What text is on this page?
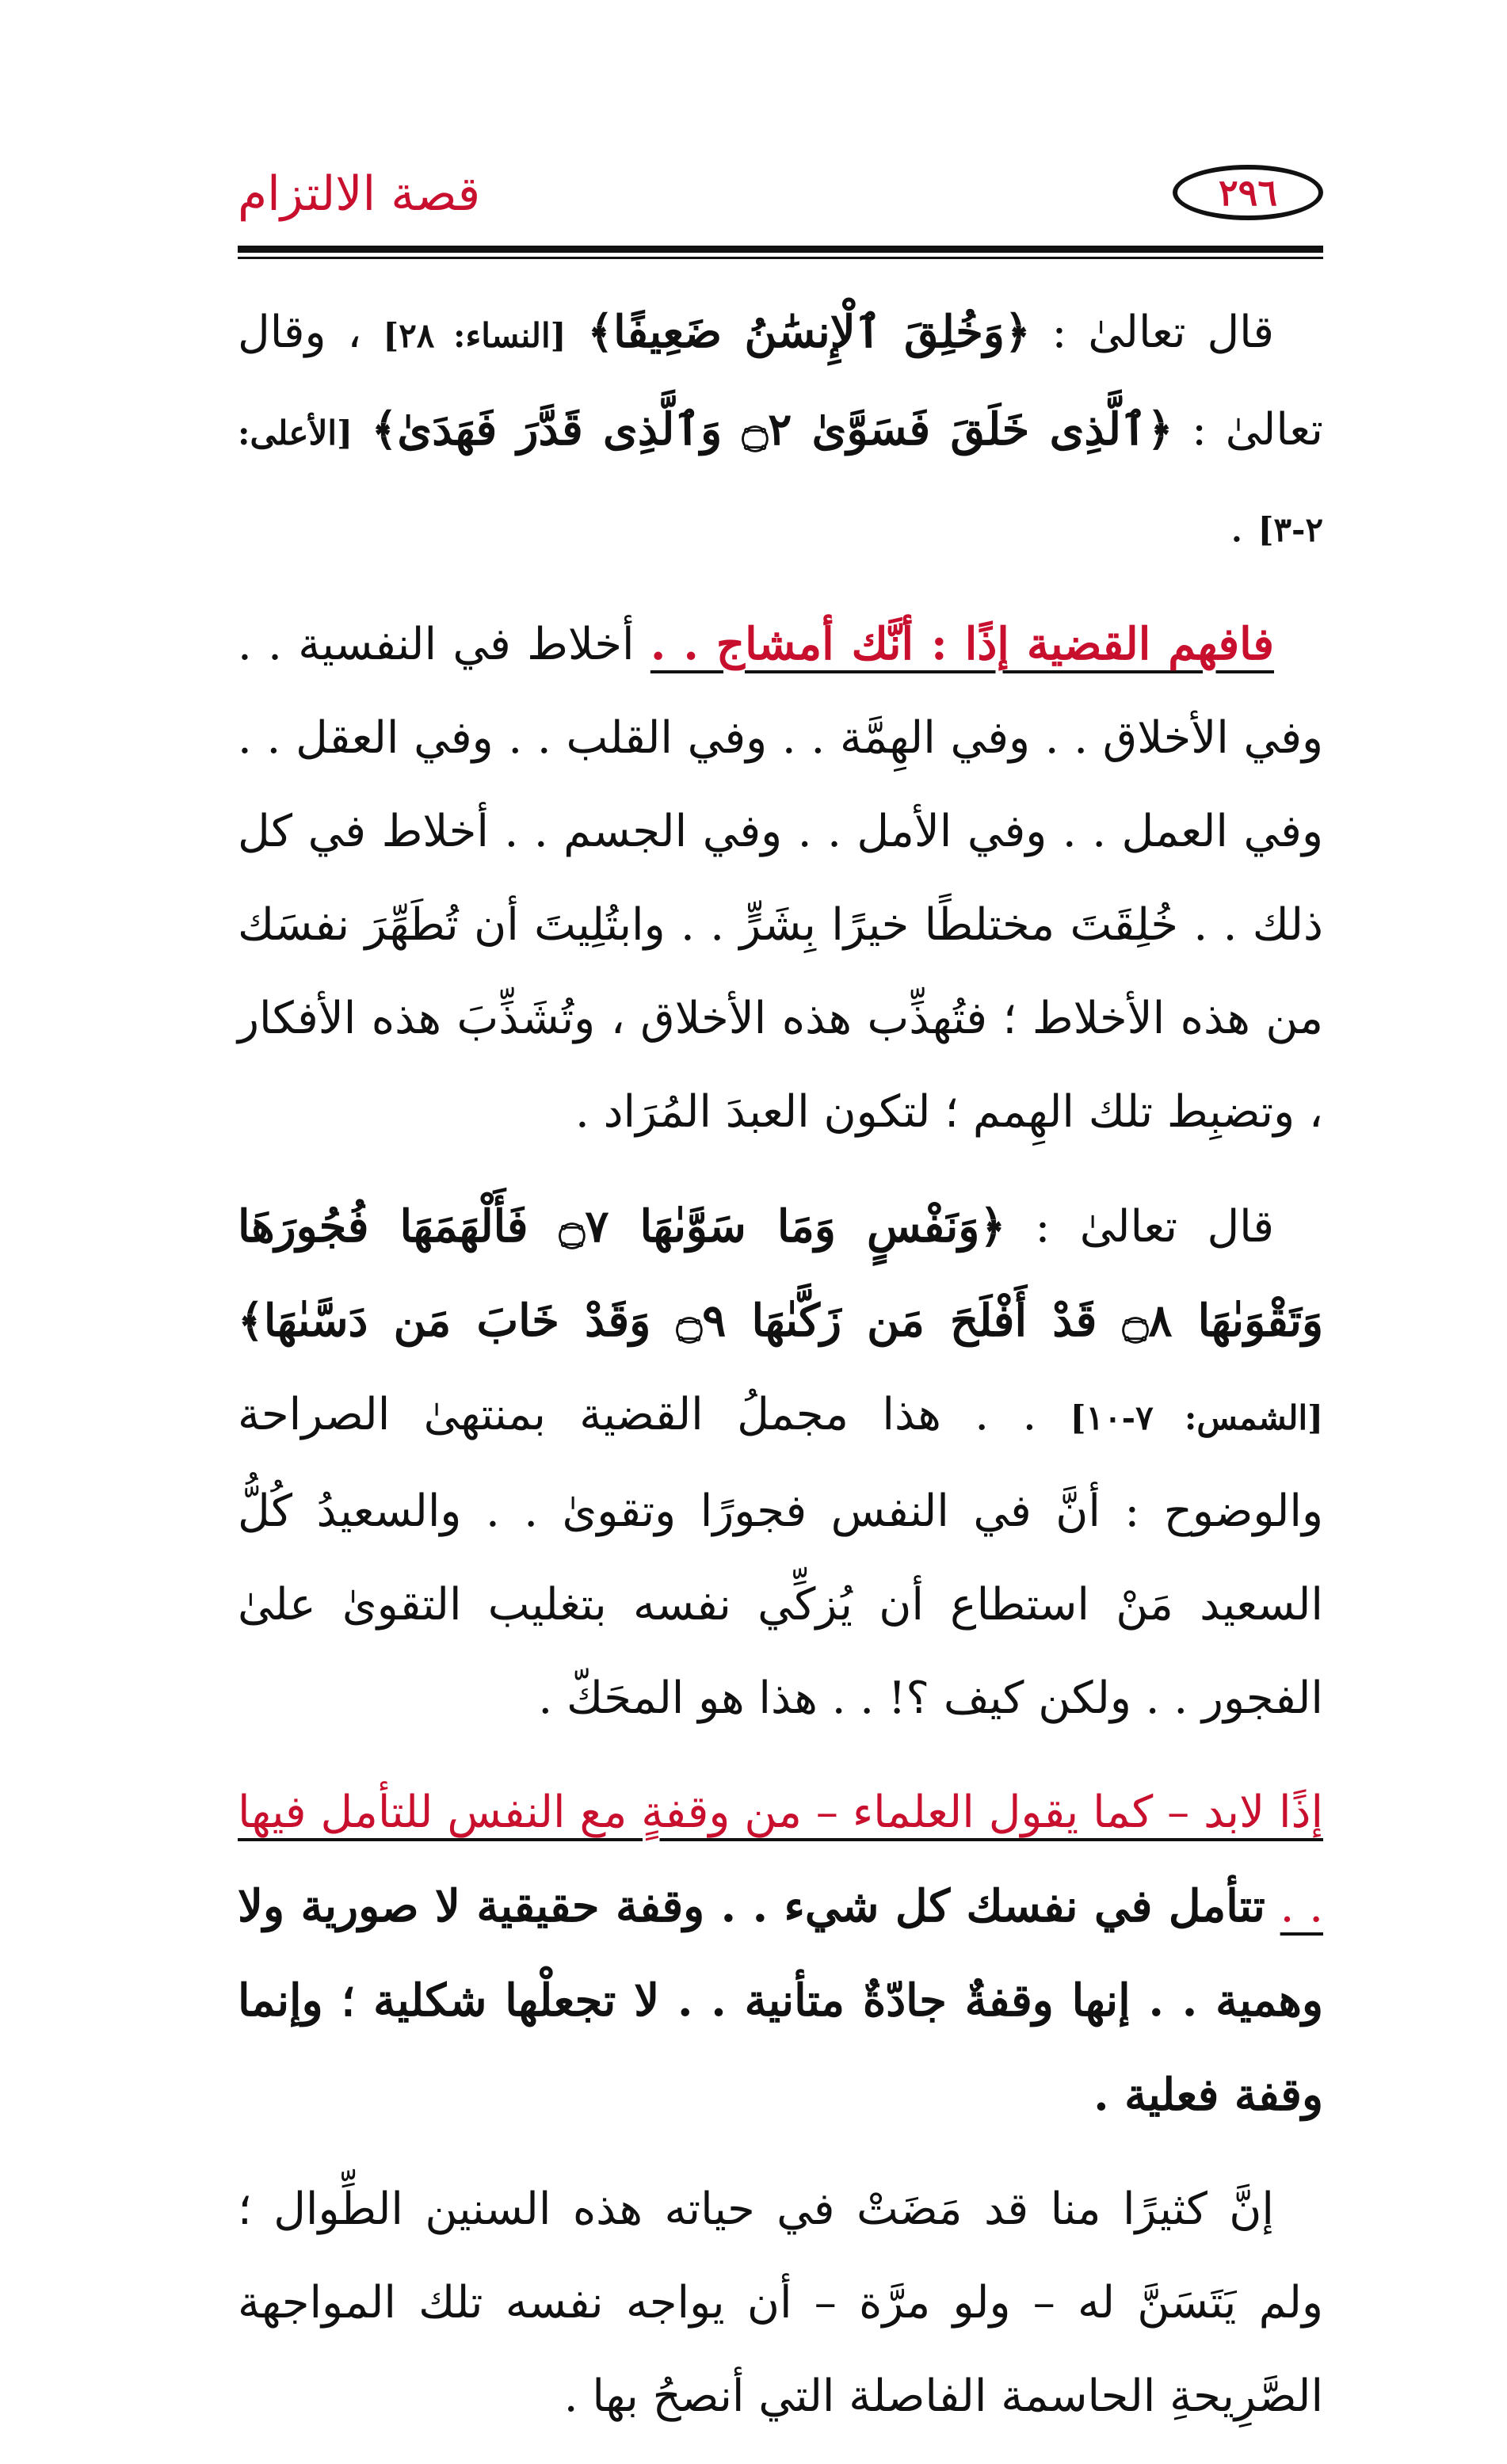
قصة الالتزام	٢٩٦

قال تعالىٰ : ﴿وَخُلِقَ ٱلْإِنسَٰنُ ضَعِيفًا﴾ [النساء: ٢٨] ، وقال تعالىٰ : ﴿ٱلَّذِى خَلَقَ فَسَوَّىٰ ۝٢ وَٱلَّذِى قَدَّرَ فَهَدَىٰ﴾ [الأعلى: ٢-٣] .

فافهم القضية إذًا : أنَّك أمشاج . . أخلاط في النفسية . . وفي الأخلاق . . وفي الهِمَّة . . وفي القلب . . وفي العقل . . وفي العمل . . وفي الأمل . . وفي الجسم . . أخلاط في كل ذلك . . خُلِقَتَ مختلطًا خيرًا بِشَرٍّ . . وابتُلِيتَ أن تُطَهِّرَ نفسَك من هذه الأخلاط ؛ فتُهذِّب هذه الأخلاق ، وتُشَذِّبَ هذه الأفكار ، وتضبِط تلك الهِمم ؛ لتكون العبدَ المُرَاد .

قال تعالىٰ : ﴿وَنَفْسٍ وَمَا سَوَّىٰهَا ۝٧ فَأَلْهَمَهَا فُجُورَهَا وَتَقْوَىٰهَا ۝٨ قَدْ أَفْلَحَ مَن زَكَّىٰهَا ۝٩ وَقَدْ خَابَ مَن دَسَّىٰهَا﴾ [الشمس: ٧-١٠] . . هذا مجملُ القضية بمنتهىٰ الصراحة والوضوح : أنَّ في النفس فجورًا وتقوىٰ . . والسعيدُ كُلُّ السعيد مَنْ استطاع أن يُزكِّي نفسه بتغليب التقوىٰ علىٰ الفجور . . ولكن كيف ؟! . . هذا هو المحَكّ .

إذًا لابد – كما يقول العلماء – من وقفةٍ مع النفس للتأمل فيها . . تتأمل في نفسك كل شيء . . وقفة حقيقية لا صورية ولا وهمية . . إنها وقفةٌ جادّةٌ متأنية . . لا تجعلْها شكلية ؛ وإنما وقفة فعلية .

إنَّ كثيرًا منا قد مَضَتْ في حياته هذه السنين الطِّوال ؛ ولم يَتَسَنَّ له – ولو مرَّة – أن يواجه نفسه تلك المواجهة الصَّرِيحةِ الحاسمة الفاصلة التي أنصحُ بها .
